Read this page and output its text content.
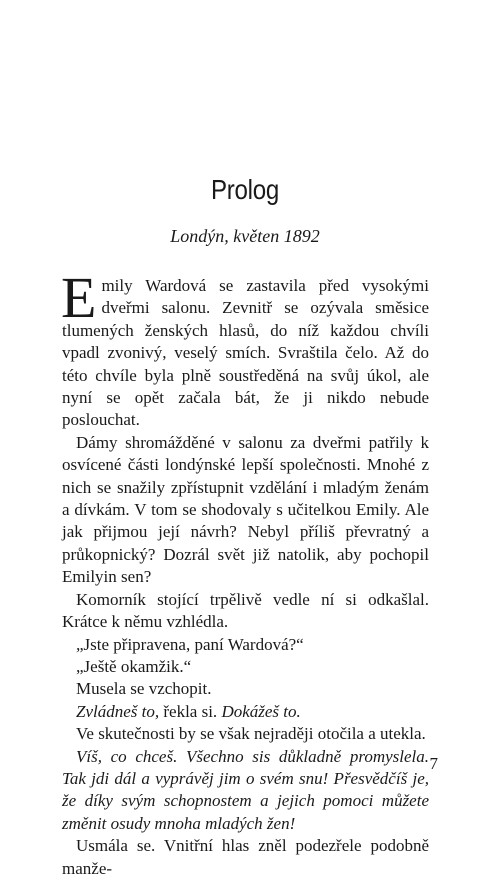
Prolog
Londýn, květen 1892

Emily Wardová se zastavila před vysokými dveřmi salonu. Zevnitř se ozývala směsice tlumených ženských hlasů, do níž každou chvíli vpadl zvonivý, veselý smích. Svraštila čelo. Až do této chvíle byla plně soustředěná na svůj úkol, ale nyní se opět začala bát, že ji nikdo nebude poslouchat.

Dámy shromážděné v salonu za dveřmi patřily k osvícené části londýnské lepší společnosti. Mnohé z nich se snažily zpřístupnit vzdělání i mladým ženám a dívkám. V tom se shodovaly s učitelkou Emily. Ale jak přijmou její návrh? Nebyl příliš převratný a průkopnický? Dozrál svět již natolik, aby pochopil Emilyin sen?

Komorník stojící trpělivě vedle ní si odkašlal. Krátce k němu vzhlédla.

„Jste připravena, paní Wardová?“

„Ještě okamžik.“

Musela se vzchopit.

Zvládneš to, řekla si. Dokážeš to.

Ve skutečnosti by se však nejraději otočila a utekla.

Víš, co chceš. Všechno sis důkladně promyslela. Tak jdi dál a vyprávěj jim o svém snu! Přesvědčíš je, že díky svým schopnostem a jejich pomoci můžete změnit osudy mnoha mladých žen!

Usmála se. Vnitřní hlas zněl podezřele podobně manže-

7
